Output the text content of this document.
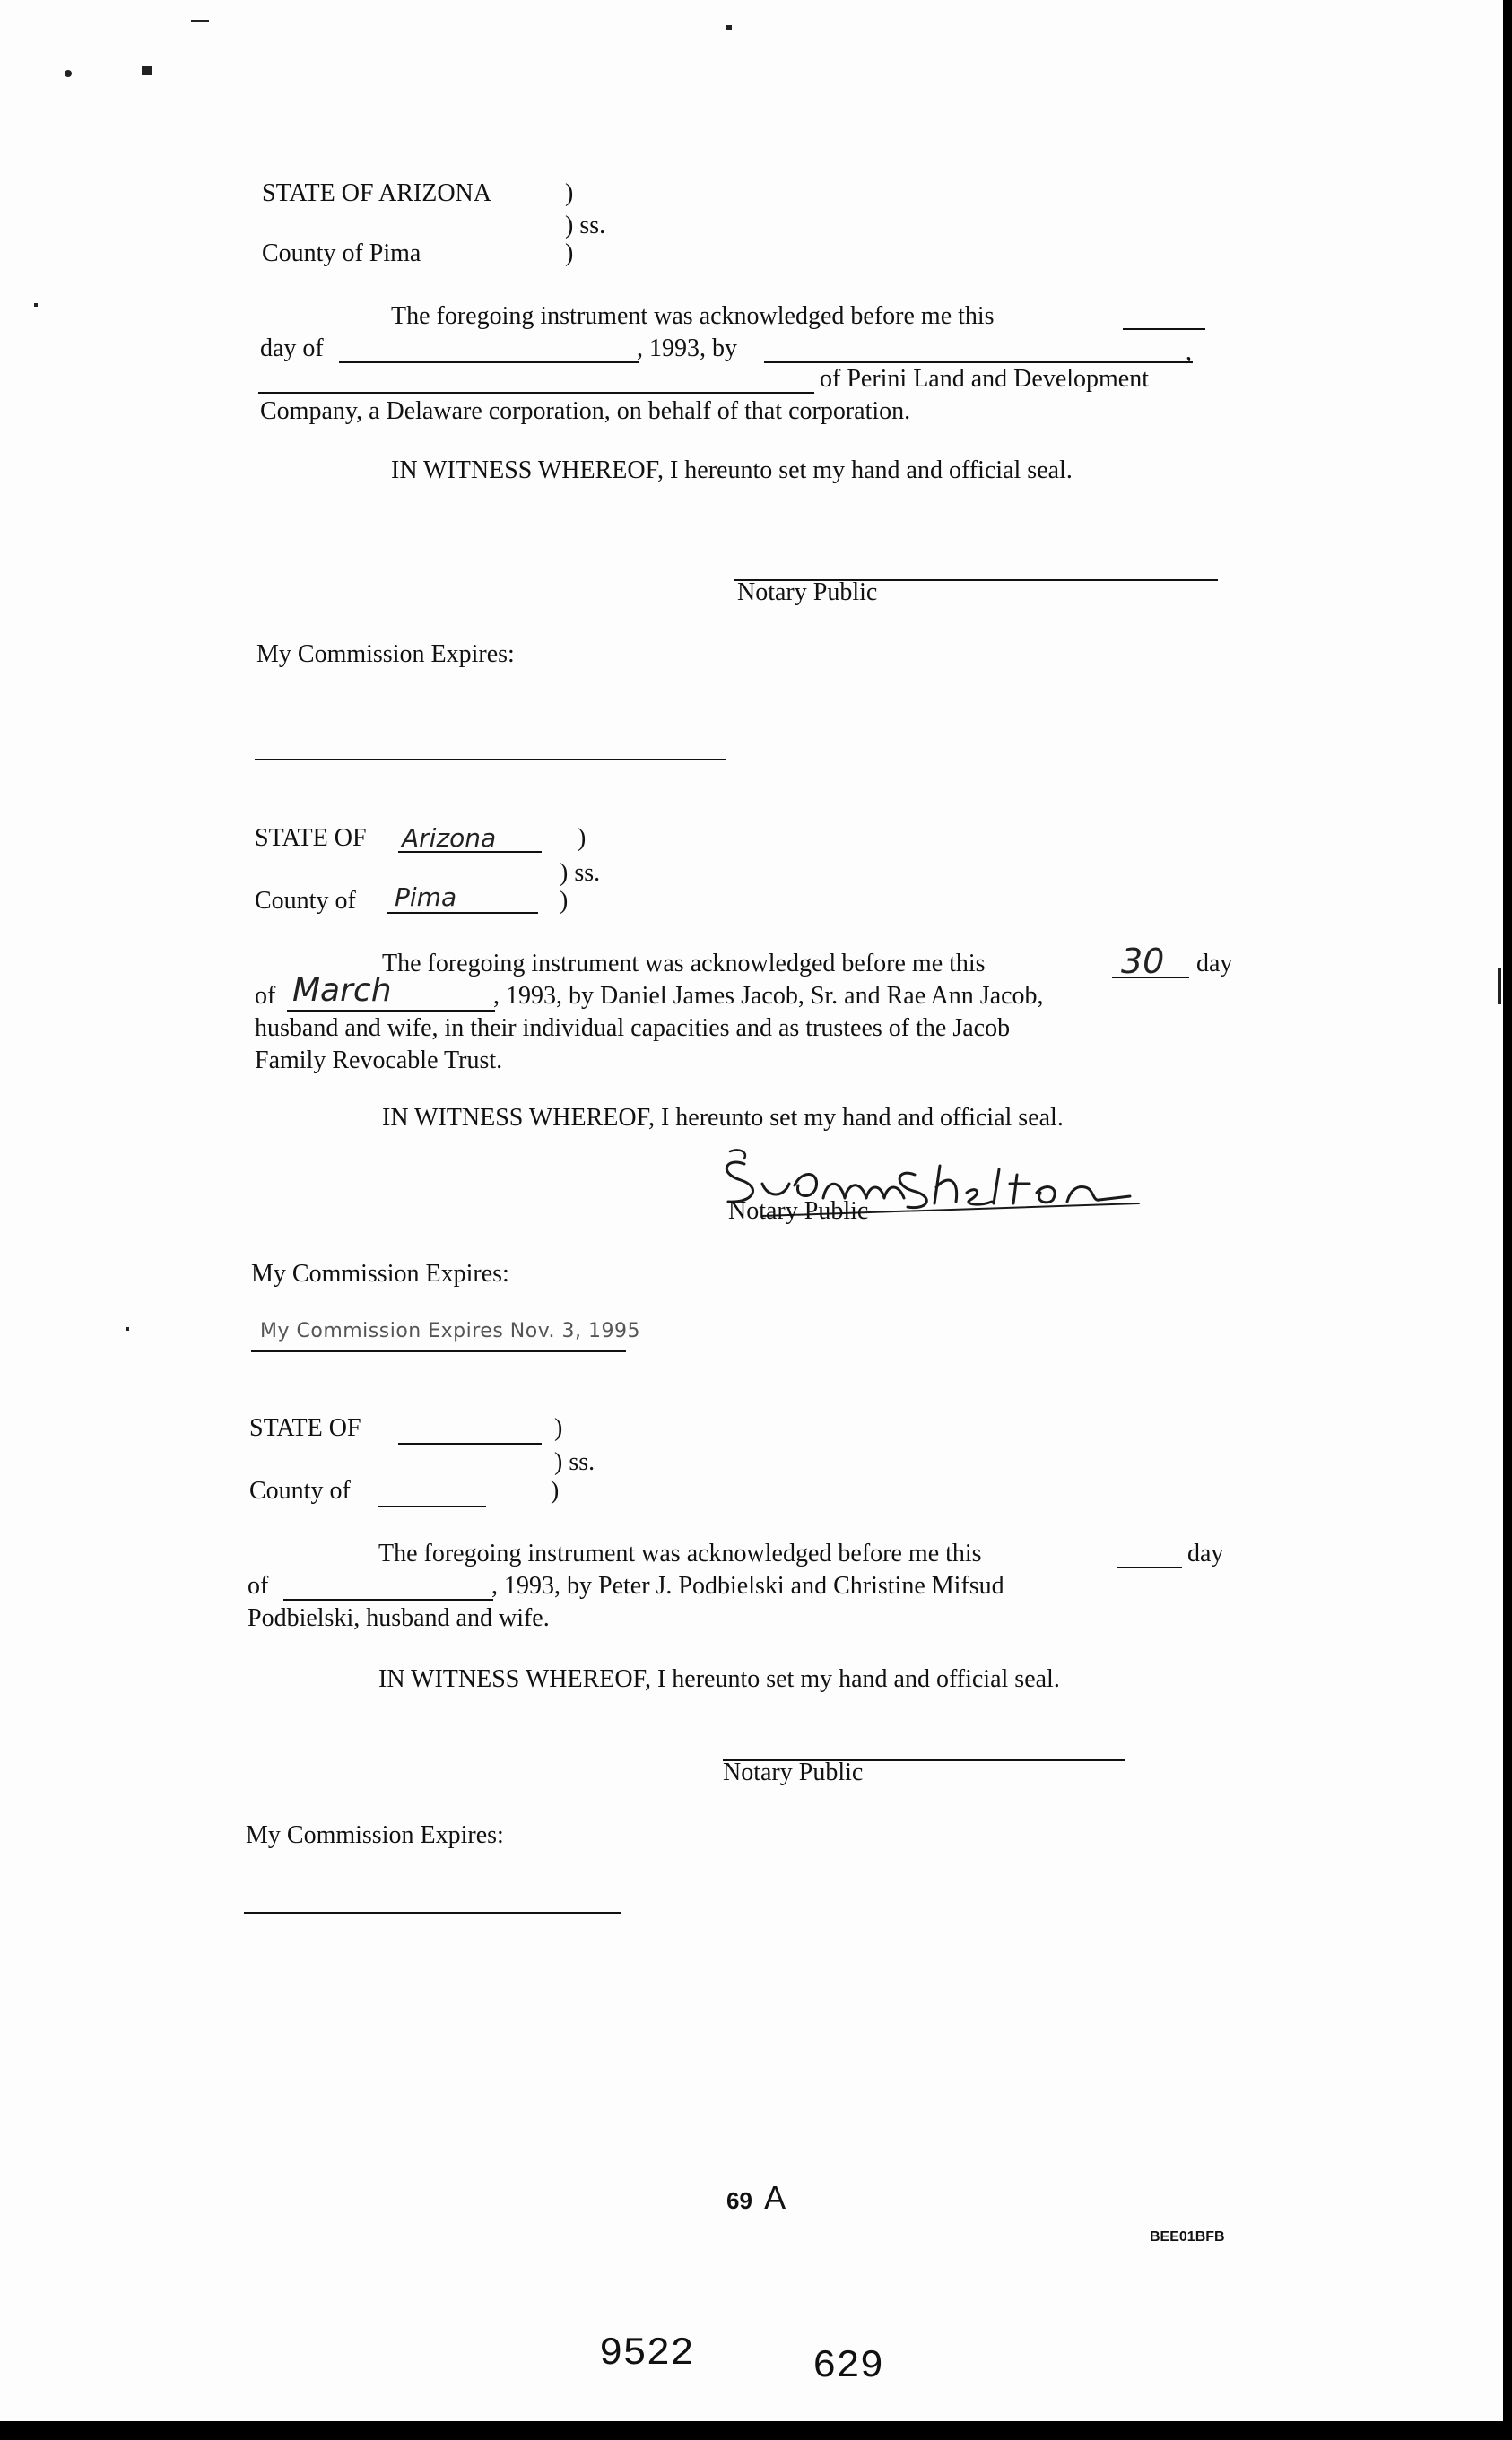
STATE OF ARIZONA	)
) ss.
County of Pima	)
The foregoing instrument was acknowledged before me this
day of	, 1993, by	,
of Perini Land and Development
Company, a Delaware corporation, on behalf of that corporation.
IN WITNESS WHEREOF, I hereunto set my hand and official seal.
Notary Public
My Commission Expires:
STATE OF Arizona	)
) ss.
County of Pima	)
The foregoing instrument was acknowledged before me this	30 day
of March	, 1993, by Daniel James Jacob, Sr. and Rae Ann Jacob,
husband and wife, in their individual capacities and as trustees of the Jacob
Family Revocable Trust.
IN WITNESS WHEREOF, I hereunto set my hand and official seal.
Notary Public
My Commission Expires:
My Commission Expires Nov. 3, 1995
STATE OF	)
) ss.
County of	)
The foregoing instrument was acknowledged before me this	day
of	, 1993, by Peter J. Podbielski and Christine Mifsud
Podbielski, husband and wife.
IN WITNESS WHEREOF, I hereunto set my hand and official seal.
Notary Public
My Commission Expires:
69 A
BEE01BFB
9522	629
